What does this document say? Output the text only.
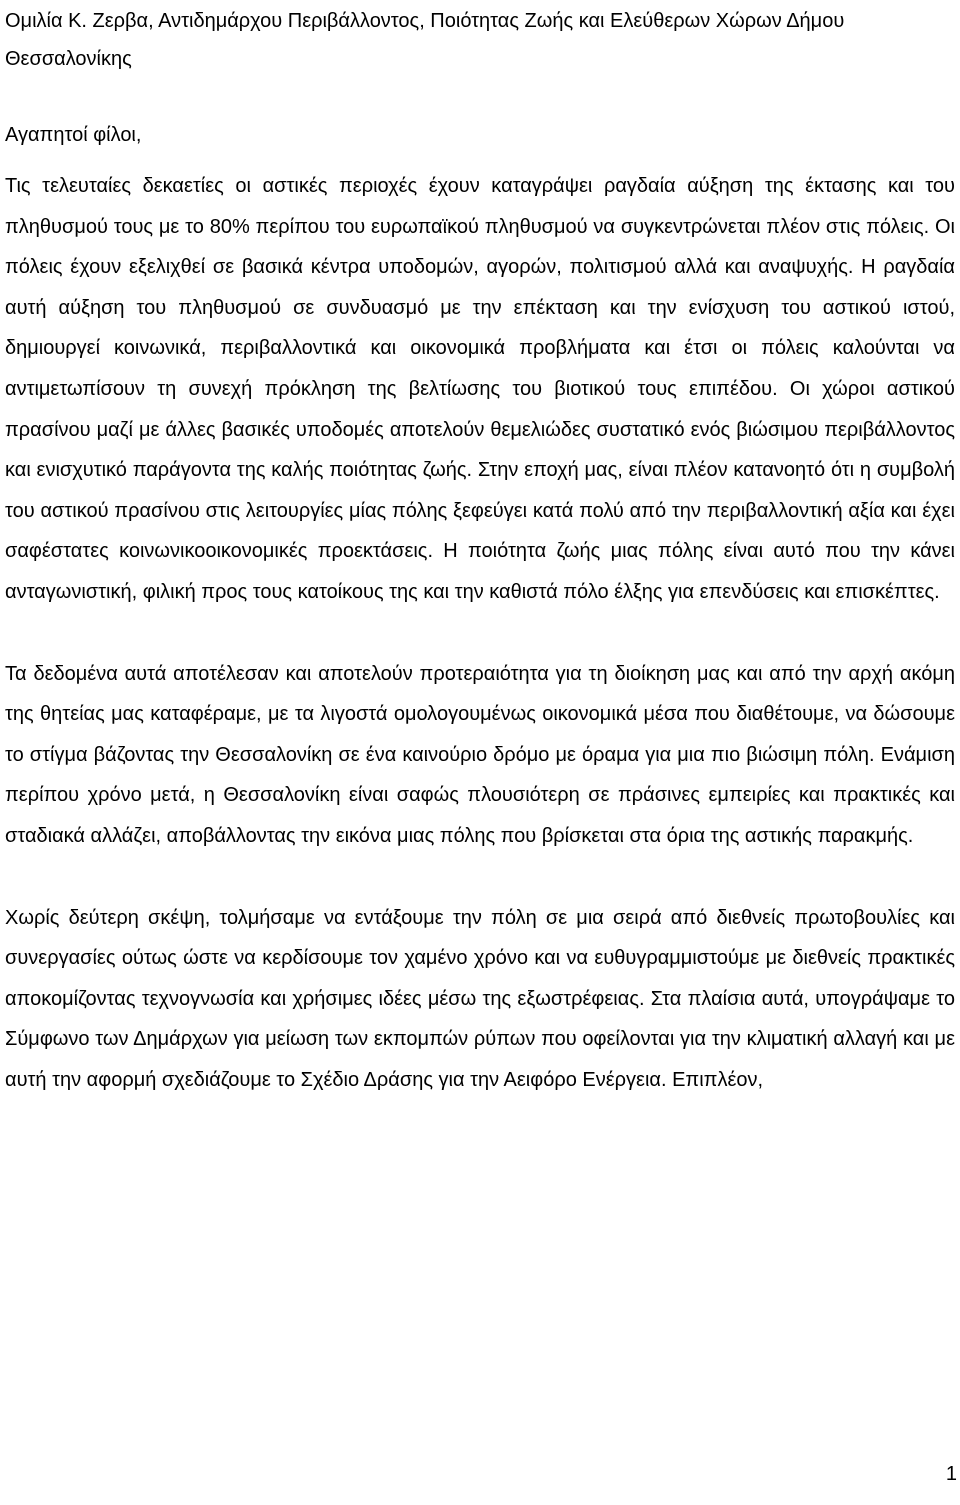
Ομιλία Κ. Ζερβα, Αντιδημάρχου Περιβάλλοντος, Ποιότητας Ζωής και Ελεύθερων Χώρων Δήμου Θεσσαλονίκης

Αγαπητοί φίλοι,

Τις τελευταίες δεκαετίες οι αστικές περιοχές έχουν καταγράψει ραγδαία αύξηση της έκτασης και του πληθυσμού τους με το 80% περίπου του ευρωπαϊκού πληθυσμού να συγκεντρώνεται πλέον στις πόλεις. Οι πόλεις έχουν εξελιχθεί σε βασικά κέντρα υποδομών, αγορών, πολιτισμού αλλά και αναψυχής. Η ραγδαία αυτή αύξηση του πληθυσμού σε συνδυασμό με την επέκταση και την ενίσχυση του αστικού ιστού, δημιουργεί κοινωνικά, περιβαλλοντικά και οικονομικά προβλήματα και έτσι οι πόλεις καλούνται να αντιμετωπίσουν τη συνεχή πρόκληση της βελτίωσης του βιοτικού τους επιπέδου. Οι χώροι αστικού πρασίνου μαζί με άλλες βασικές υποδομές αποτελούν θεμελιώδες συστατικό ενός βιώσιμου περιβάλλοντος και ενισχυτικό παράγοντα της καλής ποιότητας ζωής. Στην εποχή μας, είναι πλέον κατανοητό ότι η συμβολή του αστικού πρασίνου στις λειτουργίες μίας πόλης ξεφεύγει κατά πολύ από την περιβαλλοντική αξία και έχει σαφέστατες κοινωνικοοικονομικές προεκτάσεις. Η ποιότητα ζωής μιας πόλης είναι αυτό που την κάνει ανταγωνιστική, φιλική προς τους κατοίκους της και την καθιστά πόλο έλξης για επενδύσεις και επισκέπτες.

Τα δεδομένα αυτά αποτέλεσαν και αποτελούν προτεραιότητα για τη διοίκηση μας και από την αρχή ακόμη της θητείας μας καταφέραμε, με τα λιγοστά ομολογουμένως οικονομικά μέσα που διαθέτουμε, να δώσουμε το στίγμα βάζοντας την Θεσσαλονίκη σε ένα καινούριο δρόμο με όραμα για μια πιο βιώσιμη πόλη. Ενάμιση περίπου χρόνο μετά, η Θεσσαλονίκη είναι σαφώς πλουσιότερη σε πράσινες εμπειρίες και πρακτικές και σταδιακά αλλάζει, αποβάλλοντας την εικόνα μιας πόλης που βρίσκεται στα όρια της αστικής παρακμής.

Χωρίς δεύτερη σκέψη, τολμήσαμε να εντάξουμε την πόλη σε μια σειρά από διεθνείς πρωτοβουλίες και συνεργασίες ούτως ώστε να κερδίσουμε τον χαμένο χρόνο και να ευθυγραμμιστούμε με διεθνείς πρακτικές αποκομίζοντας τεχνογνωσία και χρήσιμες ιδέες μέσω της εξωστρέφειας. Στα πλαίσια αυτά, υπογράψαμε το Σύμφωνο των Δημάρχων για μείωση των εκπομπών ρύπων που οφείλονται για την κλιματική αλλαγή και με αυτή την αφορμή σχεδιάζουμε το Σχέδιο Δράσης για την Αειφόρο Ενέργεια. Επιπλέον,

1
